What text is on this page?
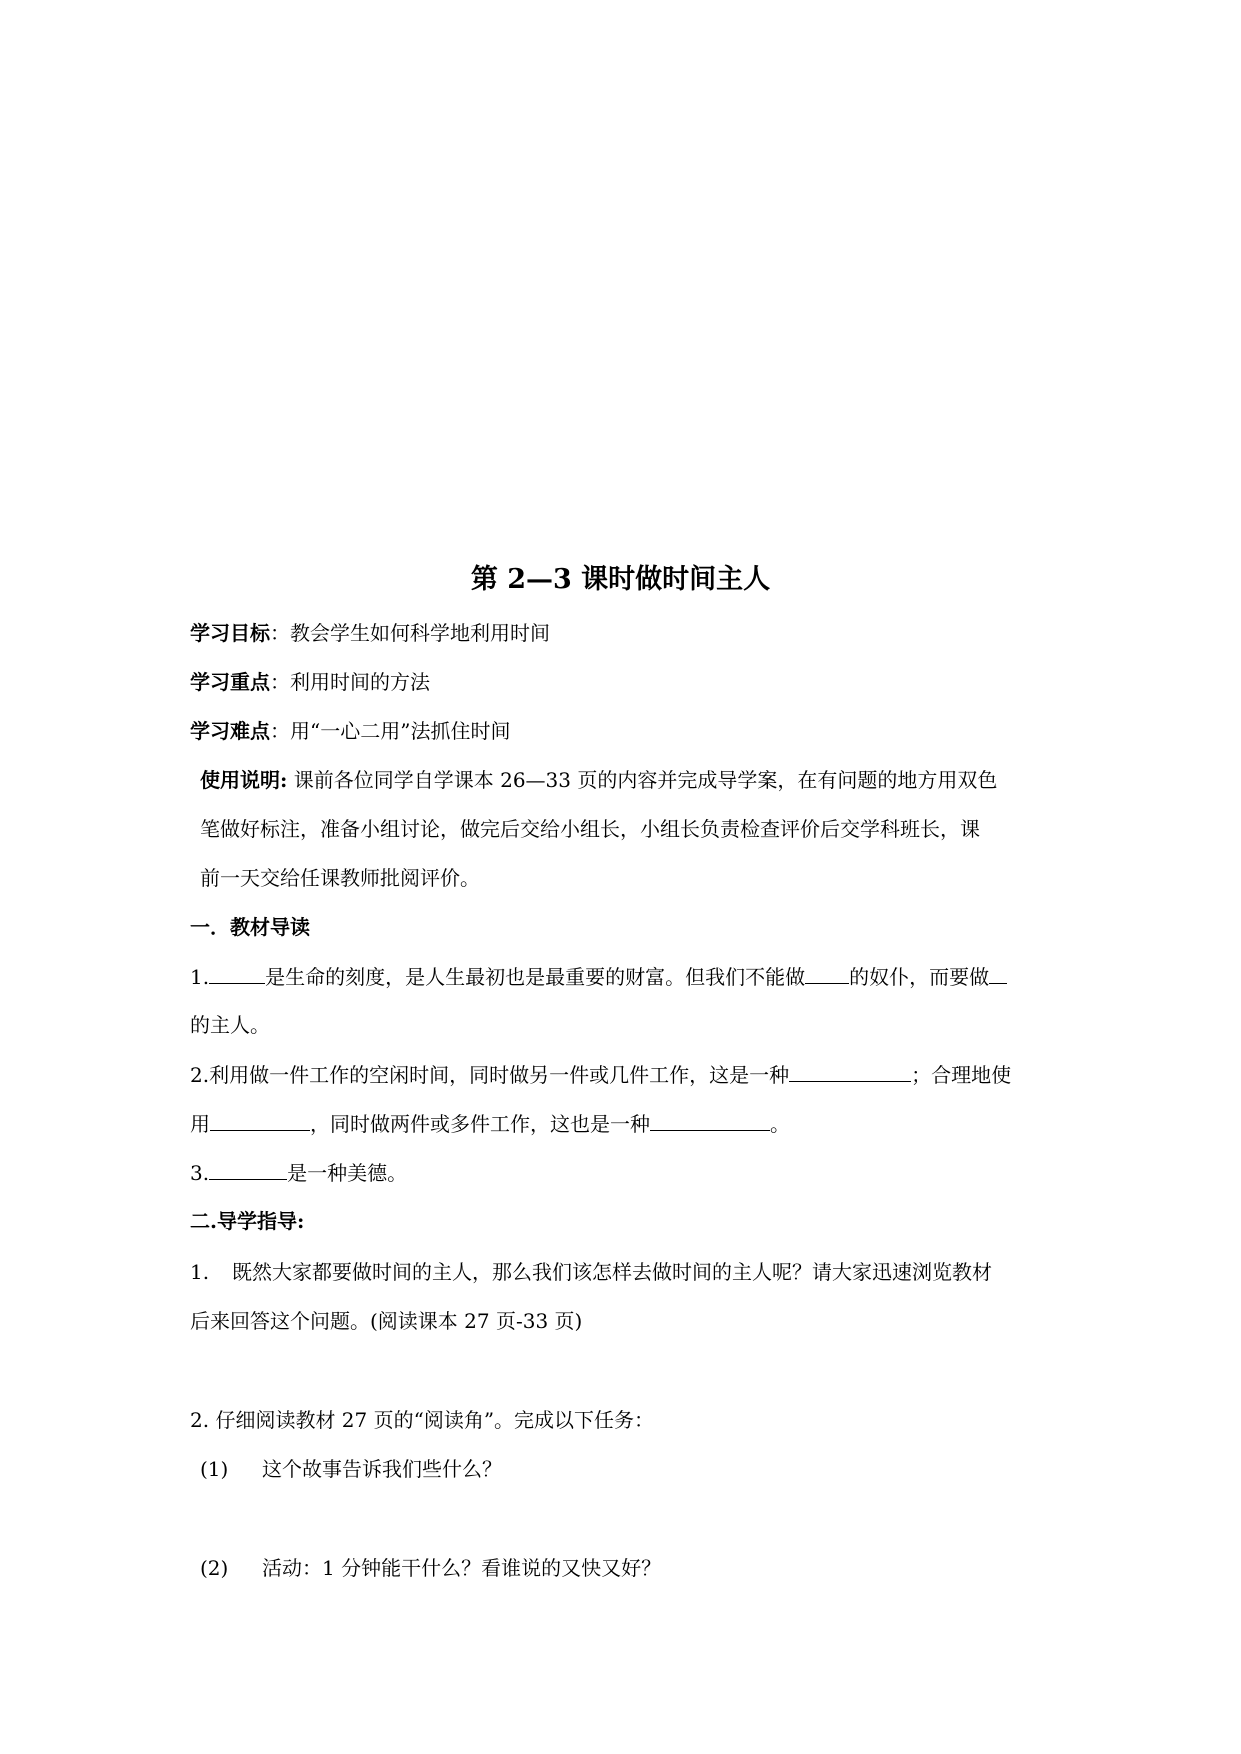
第 2—3 课时做时间主人
学习目标：教会学生如何科学地利用时间
学习重点：利用时间的方法
学习难点：用“一心二用”法抓住时间
使用说明: 课前各位同学自学课本 26—33 页的内容并完成导学案，在有问题的地方用双色
笔做好标注，准备小组讨论，做完后交给小组长，小组长负责检查评价后交学科班长，课
前一天交给任课教师批阅评价。
一．教材导读
1.	是生命的刻度，是人生最初也是最重要的财富。但我们不能做 的奴仆，而要做
的主人。
2.利用做一件工作的空闲时间，同时做另一件或几件工作，这是一种	；合理地使
用	，同时做两件或多件工作，这也是一种	。
3.	是一种美德。
二.导学指导:
1. 既然大家都要做时间的主人，那么我们该怎样去做时间的主人呢？请大家迅速浏览教材
后来回答这个问题。(阅读课本 27 页-33 页)
2. 仔细阅读教材 27 页的“阅读角”。完成以下任务：
(1) 这个故事告诉我们些什么？
(2) 活动：1 分钟能干什么？看谁说的又快又好？
